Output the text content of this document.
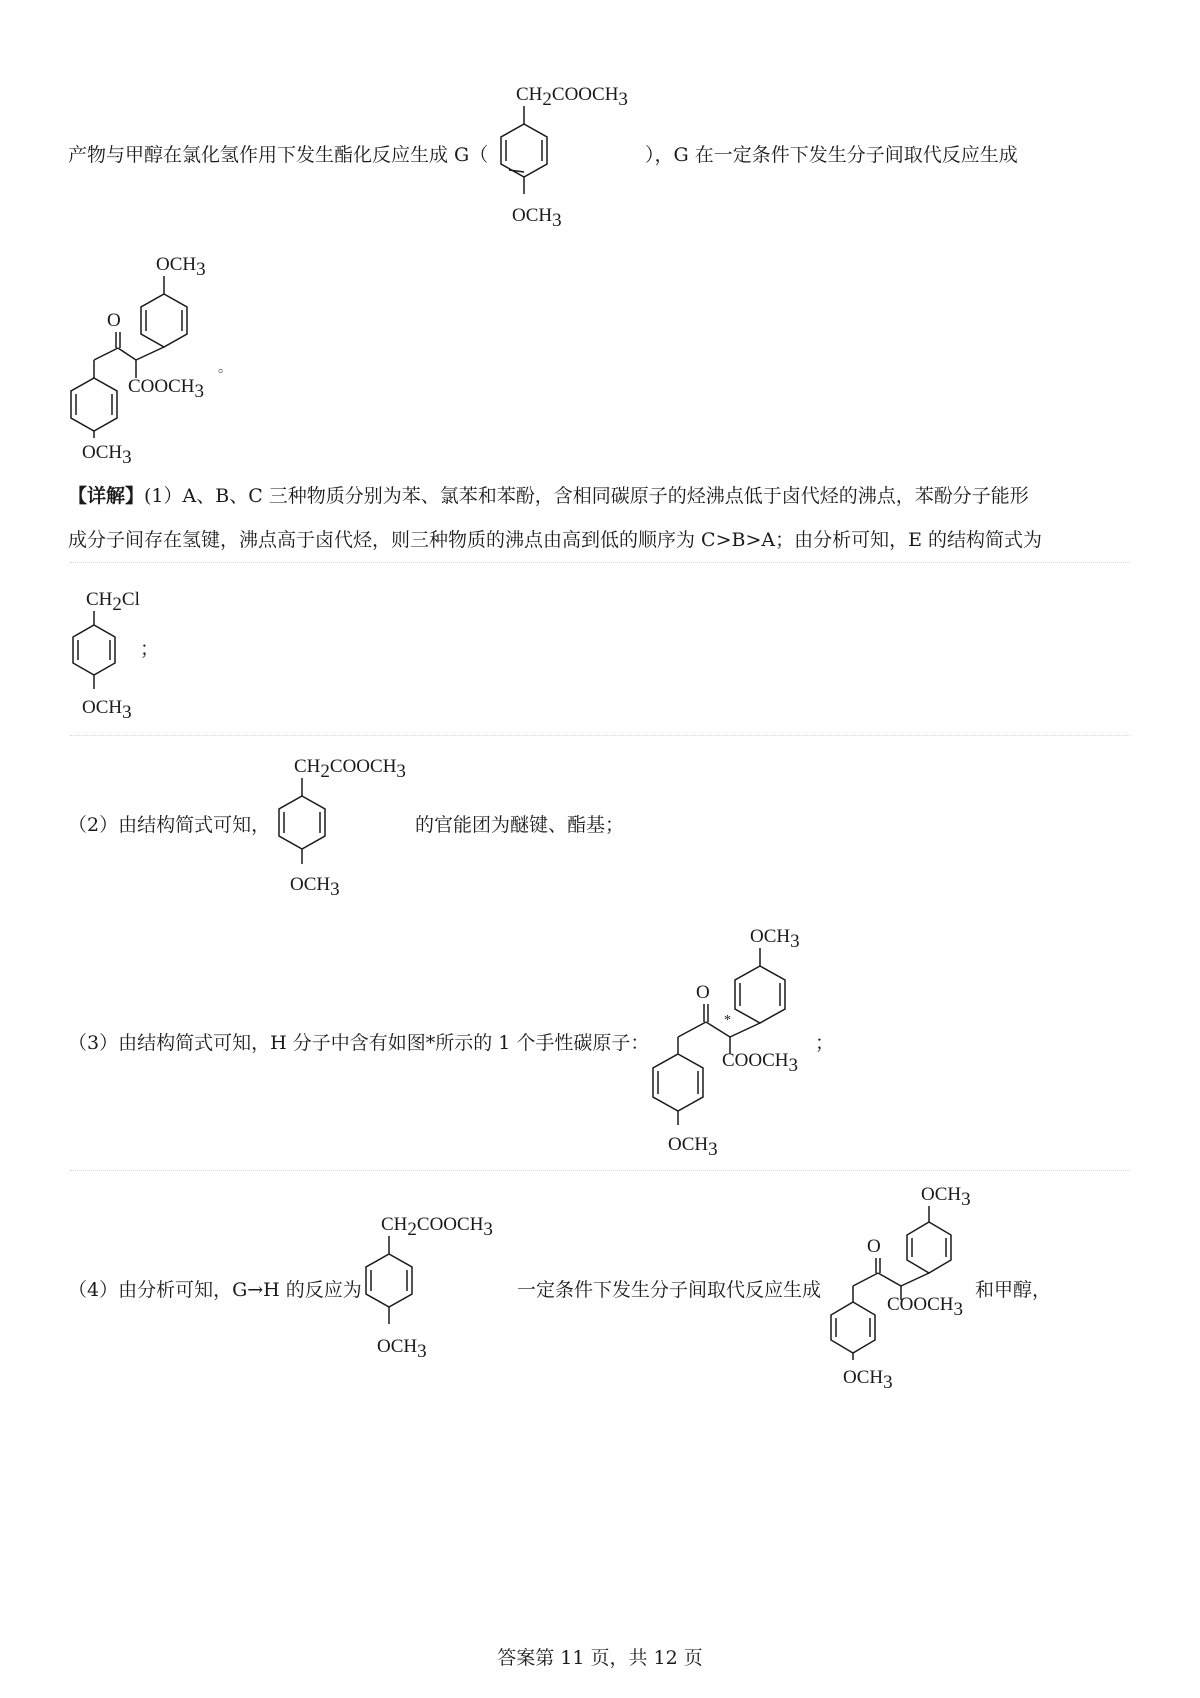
产物与甲醇在氯化氢作用下发生酯化反应生成 G（
CH2COOCH3
OCH3
），G 在一定条件下发生分子间取代反应生成
OCH3
O
COOCH3
OCH3
。
【详解】(1）A、B、C 三种物质分别为苯、氯苯和苯酚，含相同碳原子的烃沸点低于卤代烃的沸点，苯酚分子能形
成分子间存在氢键，沸点高于卤代烃，则三种物质的沸点由高到低的顺序为 C>B>A；由分析可知，E 的结构简式为
CH2Cl
OCH3
；
（2）由结构简式可知，
CH2COOCH3
OCH3
的官能团为醚键、酯基；
（3）由结构简式可知，H 分子中含有如图*所示的 1 个手性碳原子：
OCH3
*
O
COOCH3
OCH3
；
（4）由分析可知，G→H 的反应为
CH2COOCH3
OCH3
一定条件下发生分子间取代反应生成
OCH3
O
COOCH3
OCH3
和甲醇，
答案第 11 页，共 12 页
